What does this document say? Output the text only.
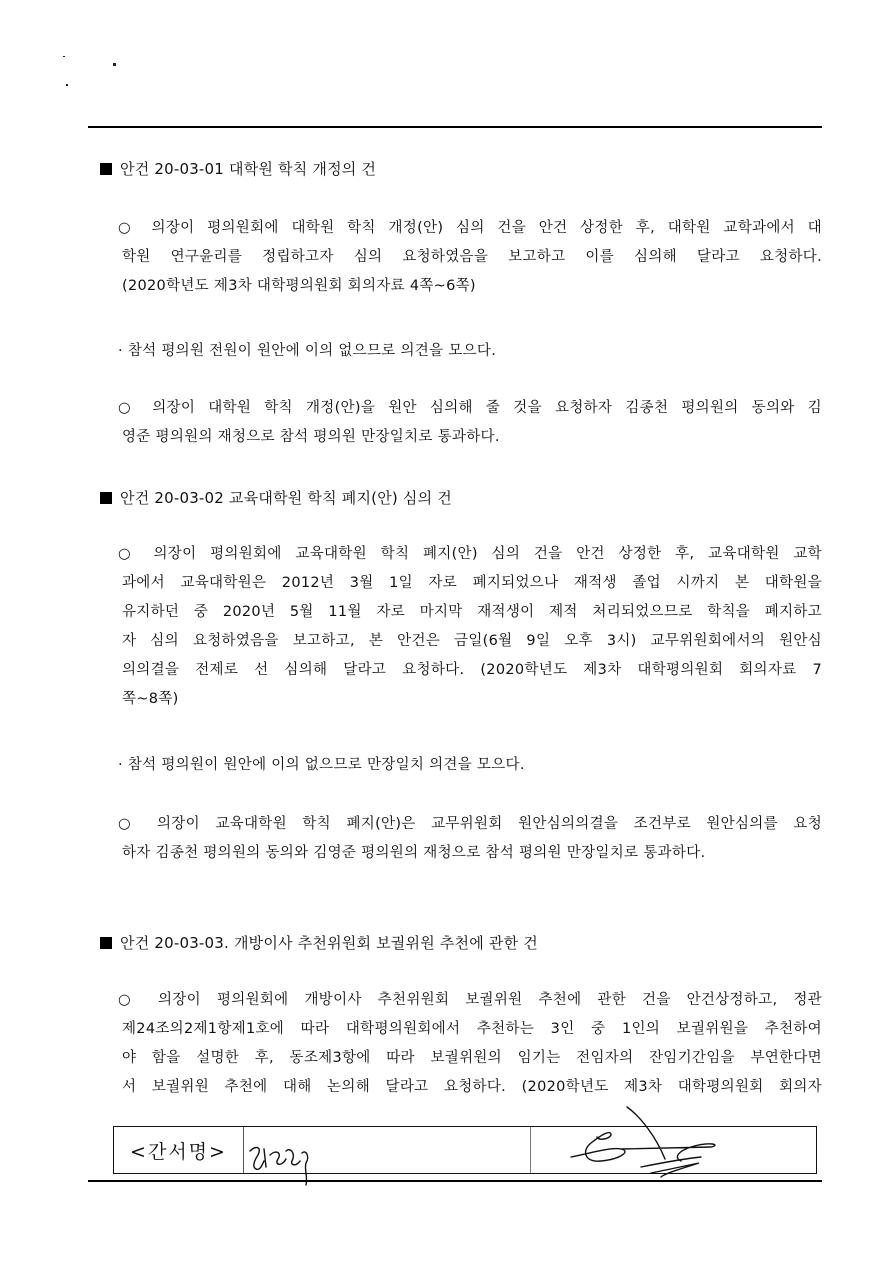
안건 20-03-01 대학원 학칙 개정의 건
○ 의장이 평의원회에 대학원 학칙 개정(안) 심의 건을 안건 상정한 후, 대학원 교학과에서 대
학원 연구윤리를 정립하고자 심의 요청하였음을 보고하고 이를 심의해 달라고 요청하다.
(2020학년도 제3차 대학평의원회 회의자료 4쪽~6쪽)
· 참석 평의원 전원이 원안에 이의 없으므로 의견을 모으다.
○ 의장이 대학원 학칙 개정(안)을 원안 심의해 줄 것을 요청하자 김종천 평의원의 동의와 김
영준 평의원의 재청으로 참석 평의원 만장일치로 통과하다.
안건 20-03-02 교육대학원 학칙 폐지(안) 심의 건
○ 의장이 평의원회에 교육대학원 학칙 폐지(안) 심의 건을 안건 상정한 후, 교육대학원 교학
과에서 교육대학원은 2012년 3월 1일 자로 폐지되었으나 재적생 졸업 시까지 본 대학원을
유지하던 중 2020년 5월 11월 자로 마지막 재적생이 제적 처리되었으므로 학칙을 폐지하고
자 심의 요청하였음을 보고하고, 본 안건은 금일(6월 9일 오후 3시) 교무위원회에서의 원안심
의의결을 전제로 선 심의해 달라고 요청하다. (2020학년도 제3차 대학평의원회 회의자료 7
쪽~8쪽)
· 참석 평의원이 원안에 이의 없으므로 만장일치 의견을 모으다.
○ 의장이 교육대학원 학칙 폐지(안)은 교무위원회 원안심의의결을 조건부로 원안심의를 요청
하자 김종천 평의원의 동의와 김영준 평의원의 재청으로 참석 평의원 만장일치로 통과하다.
안건 20-03-03. 개방이사 추천위원회 보궐위원 추천에 관한 건
○ 의장이 평의원회에 개방이사 추천위원회 보궐위원 추천에 관한 건을 안건상정하고, 정관
제24조의2제1항제1호에 따라 대학평의원회에서 추천하는 3인 중 1인의 보궐위원을 추천하여
야 함을 설명한 후, 동조제3항에 따라 보궐위원의 임기는 전임자의 잔임기간임을 부연한다면
서 보궐위원 추천에 대해 논의해 달라고 요청하다. (2020학년도 제3차 대학평의원회 회의자
<간서명>
